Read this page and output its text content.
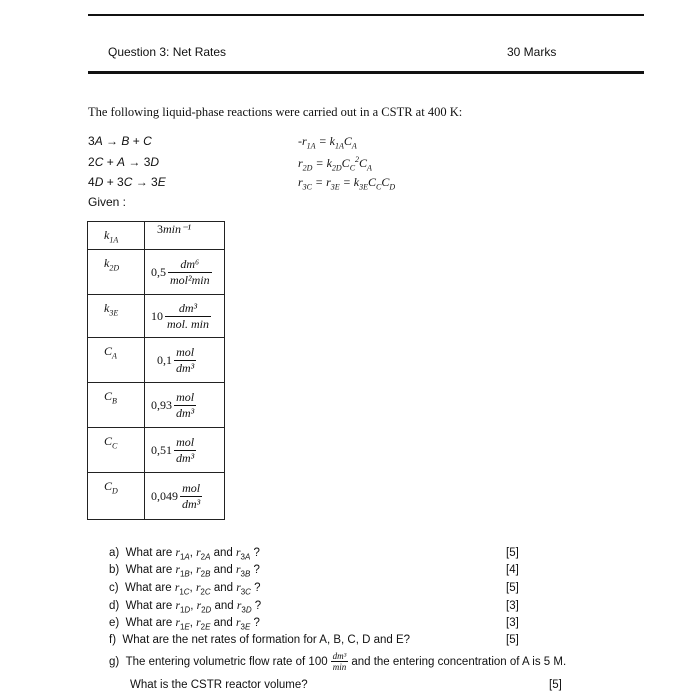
Question 3: Net Rates	30 Marks
The following liquid-phase reactions were carried out in a CSTR at 400 K:
3A → B + C
2C + A → 3D
4D + 3C → 3E
$-r_{1A} = k_{1A}C_A$
$r_{2D} = k_{2D}C_C^2C_A$
$r_{3C} = r_{3E} = k_{3E}C_CC_D$
Given :
$k_{1A}$	3 min⁻¹

$k_{2D}$	$0,5 \frac{\text{dm⁶}}{\text{mol²min}}$

$k_{3E}$	$10 \frac{\text{dm³}}{\text{mol. min}}$

$C_A$	$0,1 \frac{\text{mol}}{\text{dm³}}$

$C_B$	$0,93 \frac{\text{mol}}{\text{dm³}}$

$C_C$	$0,51 \frac{\text{mol}}{\text{dm³}}$

$C_D$	$0,049 \frac{\text{mol}}{\text{dm³}}$
a)  What are $r_{1A}$, $r_{2A}$ and $r_{3A}$ ?	[5]
b)  What are $r_{1B}$, $r_{2B}$ and $r_{3B}$ ?	[4]
c)  What are $r_{1C}$, $r_{2C}$ and $r_{3C}$ ?	[5]
d)  What are $r_{1D}$, $r_{2D}$ and $r_{3D}$ ?	[3]
e)  What are $r_{1E}$, $r_{2E}$ and $r_{3E}$ ?	[3]
f) What are the net rates of formation for A, B, C, D and E?	[5]
g)
The entering volumetric flow rate of $100 \frac{\text{dm³}}{\min}$ and the entering concentration of A is 5 M.
What is the CSTR reactor volume?	[5]
